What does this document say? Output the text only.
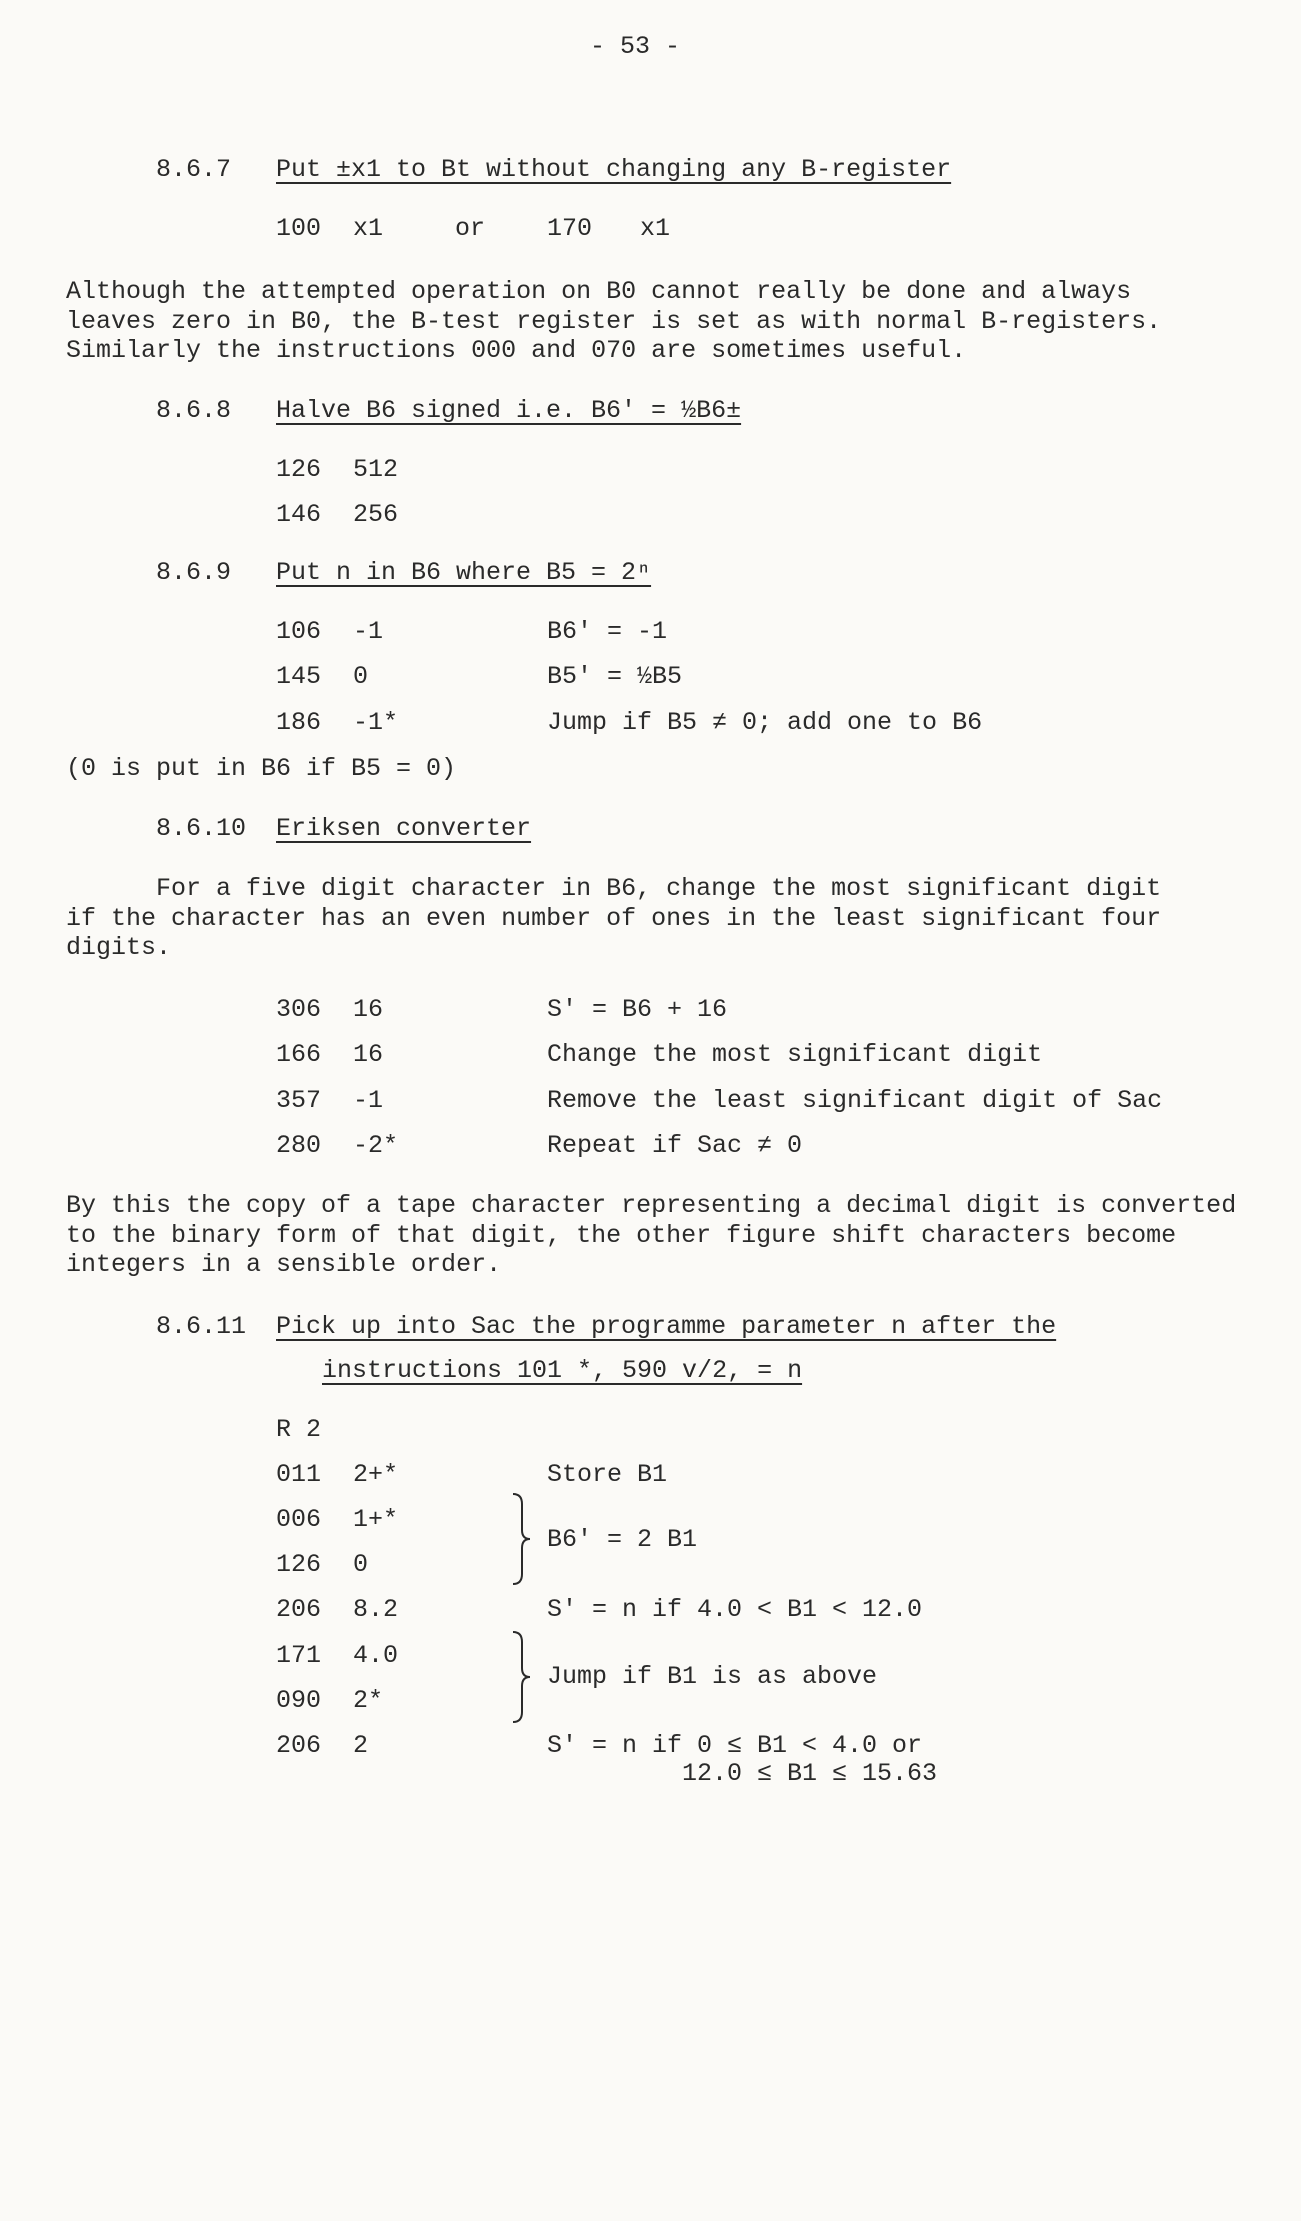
- 53 -
8.6.7 Put ±x1 to Bt without changing any B-register
100 x1	or 170 x1
Although the attempted operation on B0 cannot really be done and always
leaves zero in B0, the B-test register is set as with normal B-registers.
Similarly the instructions 000 and 070 are sometimes useful.
8.6.8 Halve B6 signed i.e. B6′ = ½B6±
126 512
146 256
8.6.9 Put n in B6 where B5 = 2ⁿ
106 -1	B6′ = -1
145 0	B5′ = ½B5
186 -1*	Jump if B5 ≠ 0; add one to B6
(0 is put in B6 if B5 = 0)
8.6.10 Eriksen converter
For a five digit character in B6, change the most significant digit
if the character has an even number of ones in the least significant four
digits.
306 16	S′ = B6 + 16
166 16	Change the most significant digit
357 -1	Remove the least significant digit of Sac
280 -2*	Repeat if Sac ≠ 0
By this the copy of a tape character representing a decimal digit is converted
to the binary form of that digit, the other figure shift characters become
integers in a sensible order.
8.6.11 Pick up into Sac the programme parameter n after the
instructions 101 *, 590 v/2, = n
R 2
011 2+*	Store B1
006 1+*
126 0
B6′ = 2 B1
206 8.2	S′ = n if 4.0 < B1 < 12.0
171 4.0
090 2*
Jump if B1 is as above
206 2	S′ = n if 0 ≤ B1 < 4.0 or
12.0 ≤ B1 ≤ 15.63
